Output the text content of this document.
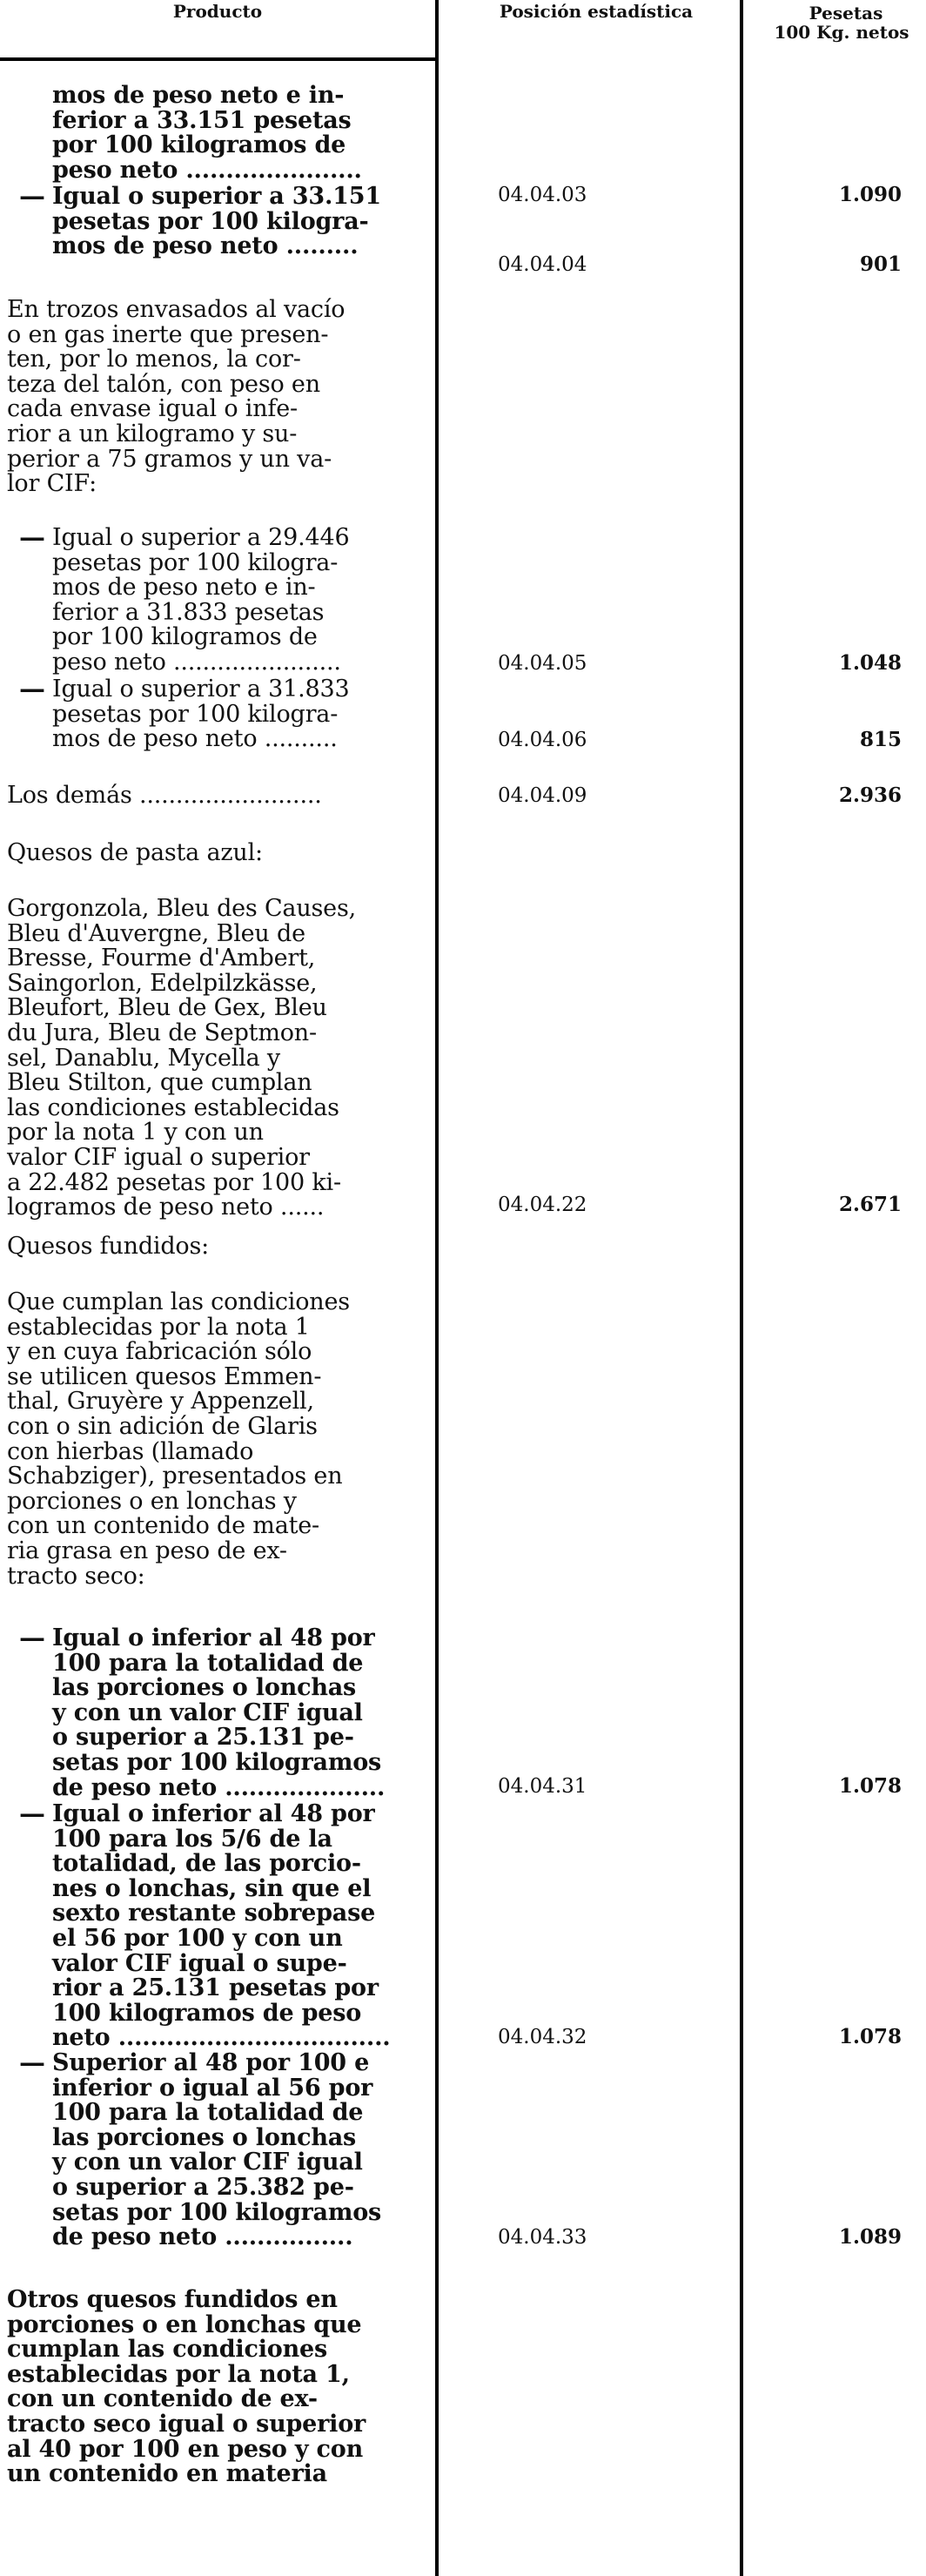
Producto	Posición estadística	Pesetas
100 Kg. netos
mos de peso neto e in-
ferior a 33.151 pesetas
por 100 kilogramos de
peso neto ......................
04.04.03	1.090
— Igual o superior a 33.151
pesetas por 100 kilogra-
mos de peso neto .........
04.04.04	901
En trozos envasados al vacío
o en gas inerte que presen-
ten, por lo menos, la cor-
teza del talón, con peso en
cada envase igual o infe-
rior a un kilogramo y su-
perior a 75 gramos y un va-
lor CIF:
— Igual o superior a 29.446
pesetas por 100 kilogra-
mos de peso neto e in-
ferior a 31.833 pesetas
por 100 kilogramos de
peso neto .......................	04.04.05	1.048
— Igual o superior a 31.833
pesetas por 100 kilogra-
mos de peso neto ..........	04.04.06	815
Los demás .........................	04.04.09	2.936
Quesos de pasta azul:
Gorgonzola, Bleu des Causes,
Bleu d'Auvergne, Bleu de
Bresse, Fourme d'Ambert,
Saingorlon, Edelpilzkässe,
Bleufort, Bleu de Gex, Bleu
du Jura, Bleu de Septmon-
sel, Danablu, Mycella y
Bleu Stilton, que cumplan
las condiciones establecidas
por la nota 1 y con un
valor CIF igual o superior
a 22.482 pesetas por 100 ki-
logramos de peso neto ......	04.04.22	2.671
Quesos fundidos:
Que cumplan las condiciones
establecidas por la nota 1
y en cuya fabricación sólo
se utilicen quesos Emmen-
thal, Gruyère y Appenzell,
con o sin adición de Glaris
con hierbas (llamado
Schabziger), presentados en
porciones o en lonchas y
con un contenido de mate-
ria grasa en peso de ex-
tracto seco:
— Igual o inferior al 48 por
100 para la totalidad de
las porciones o lonchas
y con un valor CIF igual
o superior a 25.131 pe-
setas por 100 kilogramos
de peso neto ....................	04.04.31	1.078
— Igual o inferior al 48 por
100 para los 5/6 de la
totalidad, de las porcio-
nes o lonchas, sin que el
sexto restante sobrepase
el 56 por 100 y con un
valor CIF igual o supe-
rior a 25.131 pesetas por
100 kilogramos de peso
neto ..................................	04.04.32	1.078
— Superior al 48 por 100 e
inferior o igual al 56 por
100 para la totalidad de
las porciones o lonchas
y con un valor CIF igual
o superior a 25.382 pe-
setas por 100 kilogramos
de peso neto ................	04.04.33	1.089
Otros quesos fundidos en
porciones o en lonchas que
cumplan las condiciones
establecidas por la nota 1,
con un contenido de ex-
tracto seco igual o superior
al 40 por 100 en peso y con
un contenido en materia
